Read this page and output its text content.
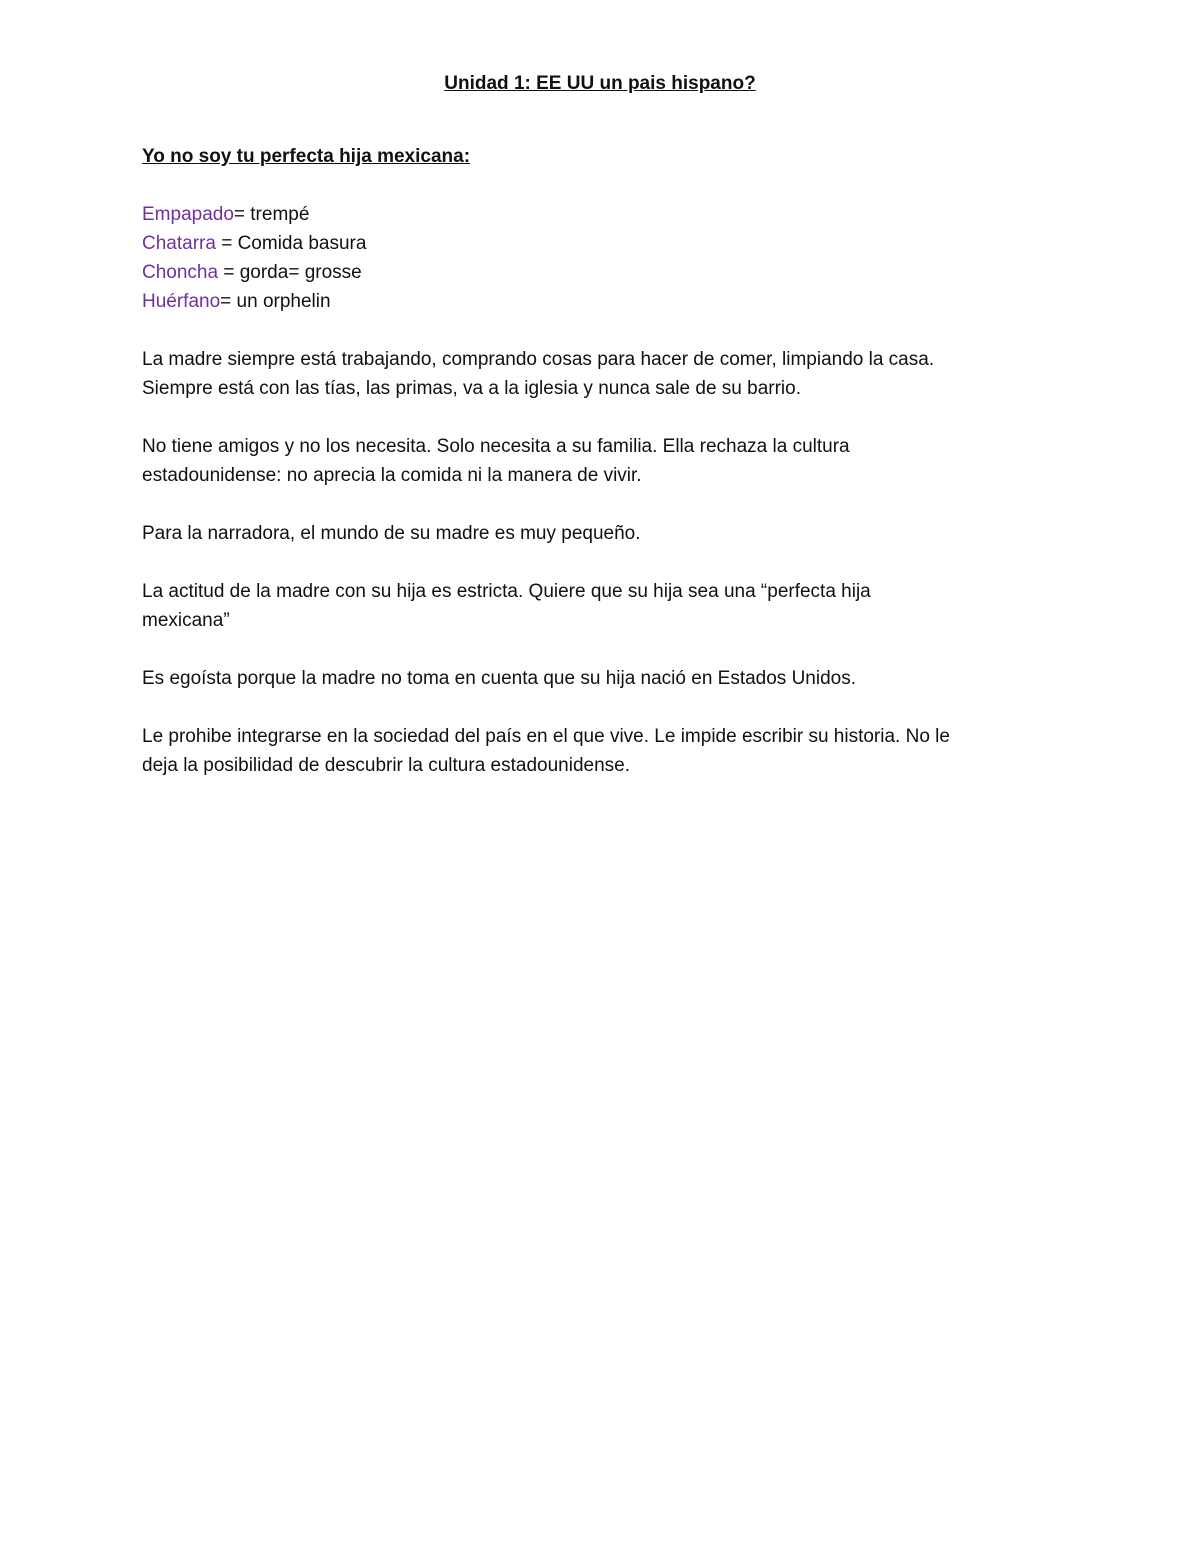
Unidad 1: EE UU un pais hispano?
Yo no soy tu perfecta hija mexicana:
Empapado= trempé
Chatarra = Comida basura
Choncha = gorda= grosse
Huérfano= un orphelin
La madre siempre está trabajando, comprando cosas para hacer de comer, limpiando la casa.
Siempre está con las tías, las primas, va a la iglesia y nunca sale de su barrio.
No tiene amigos y no los necesita. Solo necesita a su familia. Ella rechaza la cultura
estadounidense: no aprecia la comida ni la manera de vivir.
Para la narradora, el mundo de su madre es muy pequeño.
La actitud de la madre con su hija es estricta. Quiere que su hija sea una “perfecta hija
mexicana”
Es egoísta porque la madre no toma en cuenta que su hija nació en Estados Unidos.
Le prohibe integrarse en la sociedad del país en el que vive. Le impide escribir su historia. No le
deja la posibilidad de descubrir la cultura estadounidense.
